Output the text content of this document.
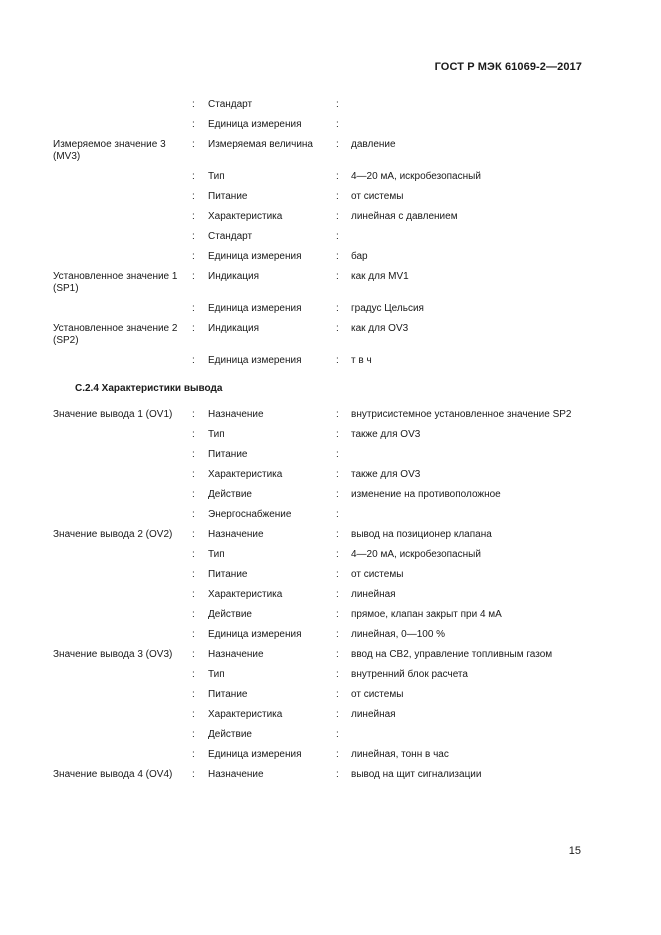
ГОСТ Р МЭК 61069-2—2017
	:	Стандарт	:	
	:	Единица измерения	:	
Измеряемое значение 3 (MV3)	:	Измеряемая величина	:	давление
	:	Тип	:	4—20 мА, искробезопасный
	:	Питание	:	от системы
	:	Характеристика	:	линейная с давлением
	:	Стандарт	:	
	:	Единица измерения	:	бар
Установленное значение 1 (SP1)	:	Индикация	:	как для MV1
	:	Единица измерения	:	градус Цельсия
Установленное значение 2 (SP2)	:	Индикация	:	как для OV3
	:	Единица измерения	:	т в ч
С.2.4 Характеристики вывода				
Значение вывода 1 (OV1)	:	Назначение	:	внутрисистемное установленное значение SP2
	:	Тип	:	также для OV3
	:	Питание	:	
	:	Характеристика	:	также для OV3
	:	Действие	:	изменение на противоположное
	:	Энергоснабжение	:	
Значение вывода 2 (OV2)	:	Назначение	:	вывод на позиционер клапана
	:	Тип	:	4—20 мА, искробезопасный
	:	Питание	:	от системы
	:	Характеристика	:	линейная
	:	Действие	:	прямое, клапан закрыт при 4 мА
	:	Единица измерения	:	линейная, 0—100 %
Значение вывода 3 (OV3)	:	Назначение	:	ввод на СВ2, управление топливным газом
	:	Тип	:	внутренний блок расчета
	:	Питание	:	от системы
	:	Характеристика	:	линейная
	:	Действие	:	
	:	Единица измерения	:	линейная, тонн в час
Значение вывода 4 (OV4)	:	Назначение	:	вывод на щит сигнализации
15
